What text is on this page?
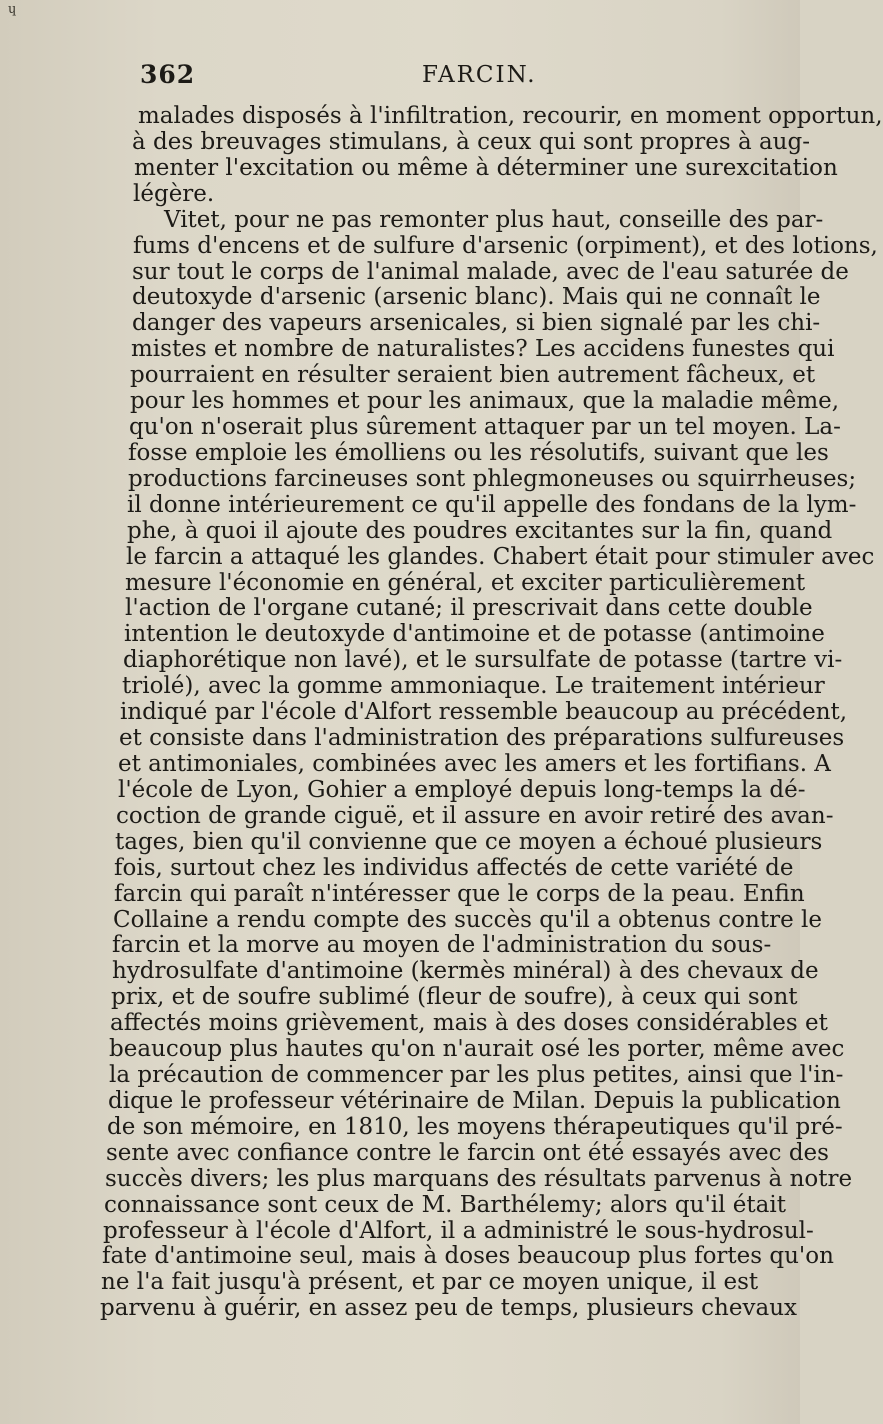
ɥ
362	FARCIN.
malades disposés à l'infiltration, recourir, en moment opportun,
à des breuvages stimulans, à ceux qui sont propres à aug-
menter l'excitation ou même à déterminer une surexcitation
légère.
Vitet, pour ne pas remonter plus haut, conseille des par-
fums d'encens et de sulfure d'arsenic (orpiment), et des lotions,
sur tout le corps de l'animal malade, avec de l'eau saturée de
deutoxyde d'arsenic (arsenic blanc). Mais qui ne connaît le
danger des vapeurs arsenicales, si bien signalé par les chi-
mistes et nombre de naturalistes? Les accidens funestes qui
pourraient en résulter seraient bien autrement fâcheux, et
pour les hommes et pour les animaux, que la maladie même,
qu'on n'oserait plus sûrement attaquer par un tel moyen. La-
fosse emploie les émolliens ou les résolutifs, suivant que les
productions farcineuses sont phlegmoneuses ou squirrheuses;
il donne intérieurement ce qu'il appelle des fondans de la lym-
phe, à quoi il ajoute des poudres excitantes sur la fin, quand
le farcin a attaqué les glandes. Chabert était pour stimuler avec
mesure l'économie en général, et exciter particulièrement
l'action de l'organe cutané; il prescrivait dans cette double
intention le deutoxyde d'antimoine et de potasse (antimoine
diaphorétique non lavé), et le sursulfate de potasse (tartre vi-
triolé), avec la gomme ammoniaque. Le traitement intérieur
indiqué par l'école d'Alfort ressemble beaucoup au précédent,
et consiste dans l'administration des préparations sulfureuses
et antimoniales, combinées avec les amers et les fortifians. A
l'école de Lyon, Gohier a employé depuis long-temps la dé-
coction de grande ciguë, et il assure en avoir retiré des avan-
tages, bien qu'il convienne que ce moyen a échoué plusieurs
fois, surtout chez les individus affectés de cette variété de
farcin qui paraît n'intéresser que le corps de la peau. Enfin
Collaine a rendu compte des succès qu'il a obtenus contre le
farcin et la morve au moyen de l'administration du sous-
hydrosulfate d'antimoine (kermès minéral) à des chevaux de
prix, et de soufre sublimé (fleur de soufre), à ceux qui sont
affectés moins grièvement, mais à des doses considérables et
beaucoup plus hautes qu'on n'aurait osé les porter, même avec
la précaution de commencer par les plus petites, ainsi que l'in-
dique le professeur vétérinaire de Milan. Depuis la publication
de son mémoire, en 1810, les moyens thérapeutiques qu'il pré-
sente avec confiance contre le farcin ont été essayés avec des
succès divers; les plus marquans des résultats parvenus à notre
connaissance sont ceux de M. Barthélemy; alors qu'il était
professeur à l'école d'Alfort, il a administré le sous-hydrosul-
fate d'antimoine seul, mais à doses beaucoup plus fortes qu'on
ne l'a fait jusqu'à présent, et par ce moyen unique, il est
parvenu à guérir, en assez peu de temps, plusieurs chevaux
